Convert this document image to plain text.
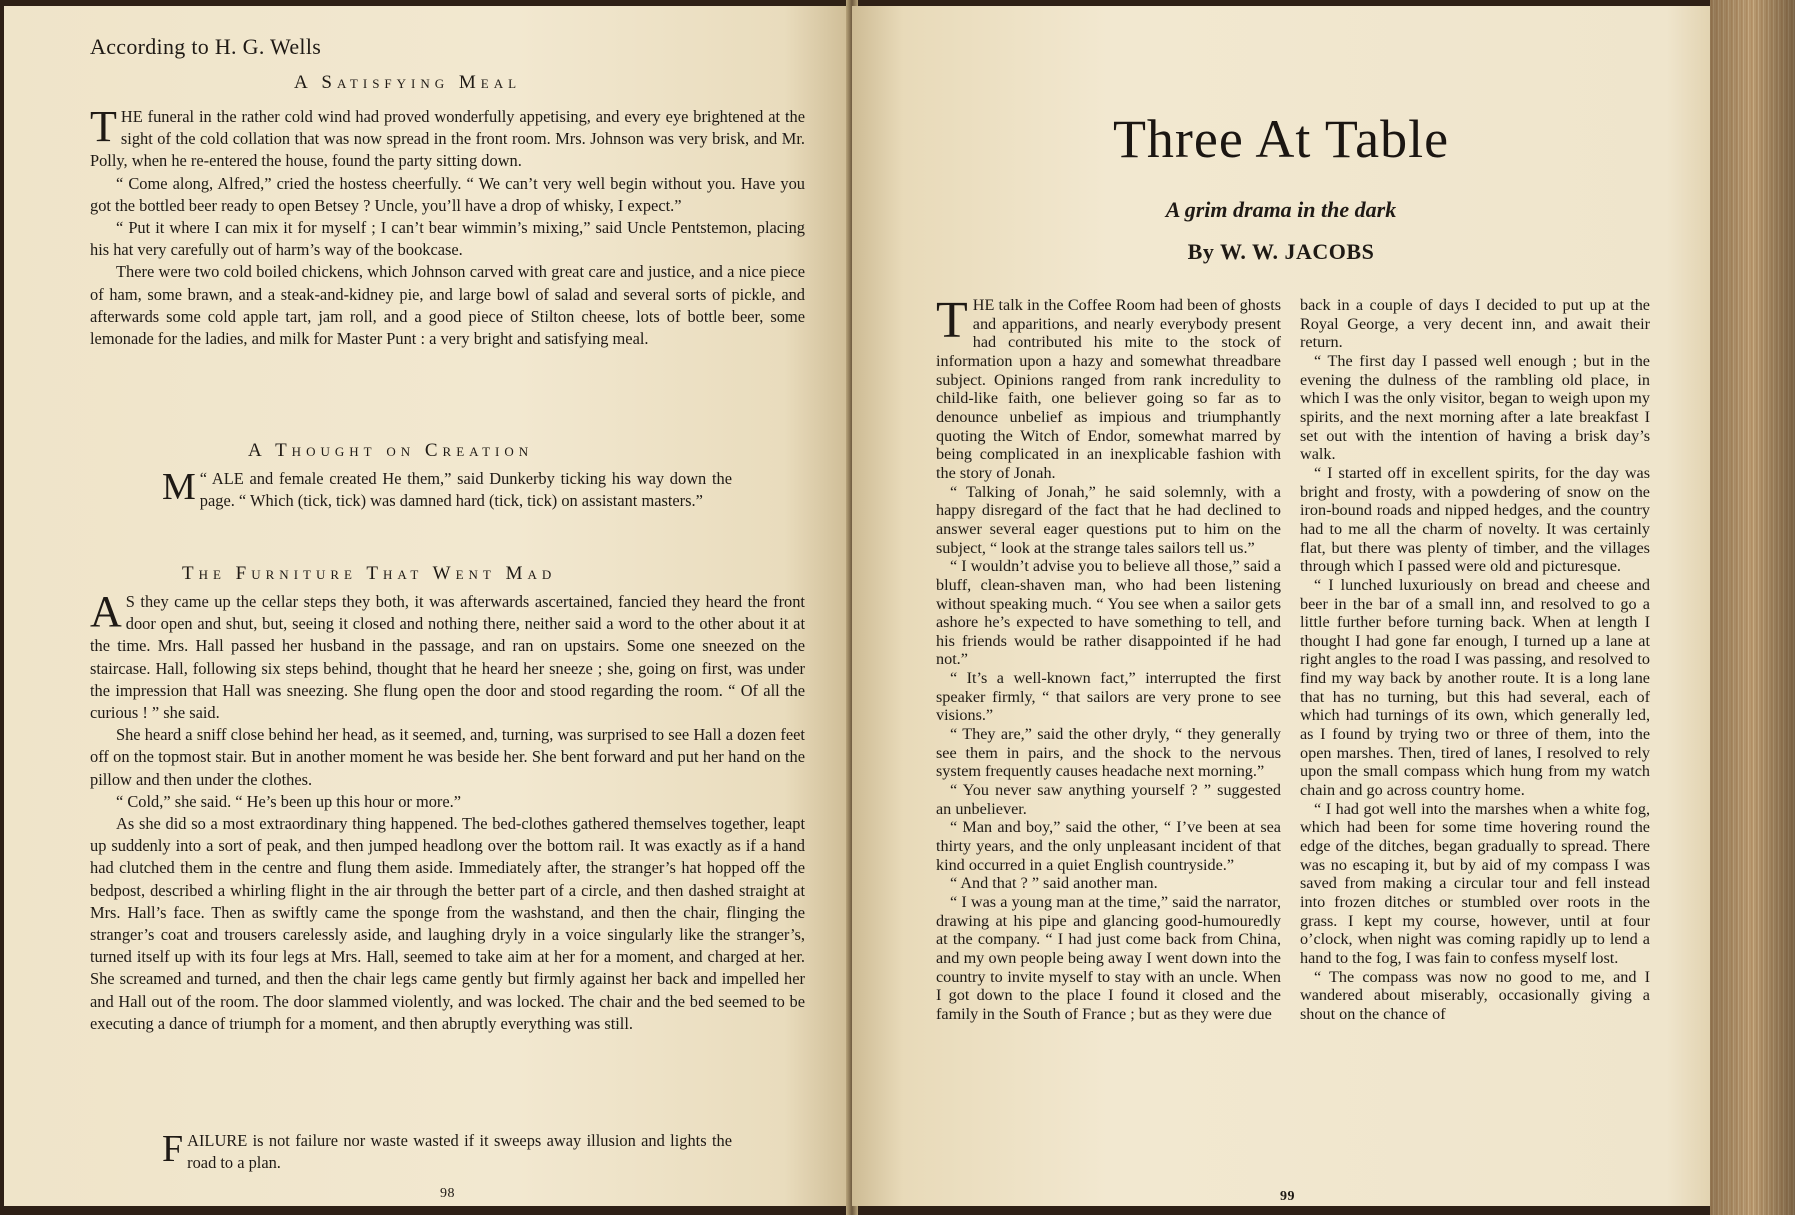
According to H. G. Wells
A Satisfying Meal

THE funeral in the rather cold wind had proved wonderfully appetising, and every eye brightened at the sight of the cold collation that was now spread in the front room. Mrs. Johnson was very brisk, and Mr. Polly, when he re-entered the house, found the party sitting down.

“ Come along, Alfred,” cried the hostess cheerfully. “ We can’t very well begin without you. Have you got the bottled beer ready to open Betsey ? Uncle, you’ll have a drop of whisky, I expect.”

“ Put it where I can mix it for myself ; I can’t bear wimmin’s mixing,” said Uncle Pentstemon, placing his hat very carefully out of harm’s way of the bookcase.

There were two cold boiled chickens, which Johnson carved with great care and justice, and a nice piece of ham, some brawn, and a steak-and-kidney pie, and large bowl of salad and several sorts of pickle, and afterwards some cold apple tart, jam roll, and a good piece of Stilton cheese, lots of bottle beer, some lemonade for the ladies, and milk for Master Punt : a very bright and satisfying meal.

A Thought on Creation

M “ ALE and female created He them,” said Dunkerby ticking his way down the page. “ Which (tick, tick) was damned hard (tick, tick) on assistant masters.”

The Furniture That Went Mad

A S they came up the cellar steps they both, it was afterwards ascertained, fancied they heard the front door open and shut, but, seeing it closed and nothing there, neither said a word to the other about it at the time. Mrs. Hall passed her husband in the passage, and ran on upstairs. Some one sneezed on the staircase. Hall, following six steps behind, thought that he heard her sneeze ; she, going on first, was under the impression that Hall was sneezing. She flung open the door and stood regarding the room. “ Of all the curious ! ” she said.

She heard a sniff close behind her head, as it seemed, and, turning, was surprised to see Hall a dozen feet off on the topmost stair. But in another moment he was beside her. She bent forward and put her hand on the pillow and then under the clothes.

“ Cold,” she said. “ He’s been up this hour or more.”

As she did so a most extraordinary thing happened. The bed-clothes gathered themselves together, leapt up suddenly into a sort of peak, and then jumped headlong over the bottom rail. It was exactly as if a hand had clutched them in the centre and flung them aside. Immediately after, the stranger’s hat hopped off the bedpost, described a whirling flight in the air through the better part of a circle, and then dashed straight at Mrs. Hall’s face. Then as swiftly came the sponge from the washstand, and then the chair, flinging the stranger’s coat and trousers carelessly aside, and laughing dryly in a voice singularly like the stranger’s, turned itself up with its four legs at Mrs. Hall, seemed to take aim at her for a moment, and charged at her. She screamed and turned, and then the chair legs came gently but firmly against her back and impelled her and Hall out of the room. The door slammed violently, and was locked. The chair and the bed seemed to be executing a dance of triumph for a moment, and then abruptly everything was still.

FAILURE is not failure nor waste wasted if it sweeps away illusion and lights the road to a plan.

98
Three At Table
A grim drama in the dark
By W. W. JACOBS

THE talk in the Coffee Room had been of ghosts and apparitions, and nearly everybody present had contributed his mite to the stock of information upon a hazy and somewhat threadbare subject. Opinions ranged from rank incredulity to child-like faith, one believer going so far as to denounce unbelief as impious and triumphantly quoting the Witch of Endor, somewhat marred by being complicated in an inexplicable fashion with the story of Jonah.

“ Talking of Jonah,” he said solemnly, with a happy disregard of the fact that he had declined to answer several eager questions put to him on the subject, “ look at the strange tales sailors tell us.”

“ I wouldn’t advise you to believe all those,” said a bluff, clean-shaven man, who had been listening without speaking much. “ You see when a sailor gets ashore he’s expected to have something to tell, and his friends would be rather disappointed if he had not.”

“ It’s a well-known fact,” interrupted the first speaker firmly, “ that sailors are very prone to see visions.”

“ They are,” said the other dryly, “ they generally see them in pairs, and the shock to the nervous system frequently causes headache next morning.”

“ You never saw anything yourself ? ” suggested an unbeliever.

“ Man and boy,” said the other, “ I’ve been at sea thirty years, and the only unpleasant incident of that kind occurred in a quiet English countryside.”

“ And that ? ” said another man.

“ I was a young man at the time,” said the narrator, drawing at his pipe and glancing good-humouredly at the company. “ I had just come back from China, and my own people being away I went down into the country to invite myself to stay with an uncle. When I got down to the place I found it closed and the family in the South of France ; but as they were due

back in a couple of days I decided to put up at the Royal George, a very decent inn, and await their return.

“ The first day I passed well enough ; but in the evening the dulness of the rambling old place, in which I was the only visitor, began to weigh upon my spirits, and the next morning after a late breakfast I set out with the intention of having a brisk day’s walk.

“ I started off in excellent spirits, for the day was bright and frosty, with a powdering of snow on the iron-bound roads and nipped hedges, and the country had to me all the charm of novelty. It was certainly flat, but there was plenty of timber, and the villages through which I passed were old and picturesque.

“ I lunched luxuriously on bread and cheese and beer in the bar of a small inn, and resolved to go a little further before turning back. When at length I thought I had gone far enough, I turned up a lane at right angles to the road I was passing, and resolved to find my way back by another route. It is a long lane that has no turning, but this had several, each of which had turnings of its own, which generally led, as I found by trying two or three of them, into the open marshes. Then, tired of lanes, I resolved to rely upon the small compass which hung from my watch chain and go across country home.

“ I had got well into the marshes when a white fog, which had been for some time hovering round the edge of the ditches, began gradually to spread. There was no escaping it, but by aid of my compass I was saved from making a circular tour and fell instead into frozen ditches or stumbled over roots in the grass. I kept my course, however, until at four o’clock, when night was coming rapidly up to lend a hand to the fog, I was fain to confess myself lost.

“ The compass was now no good to me, and I wandered about miserably, occasionally giving a shout on the chance of

99
